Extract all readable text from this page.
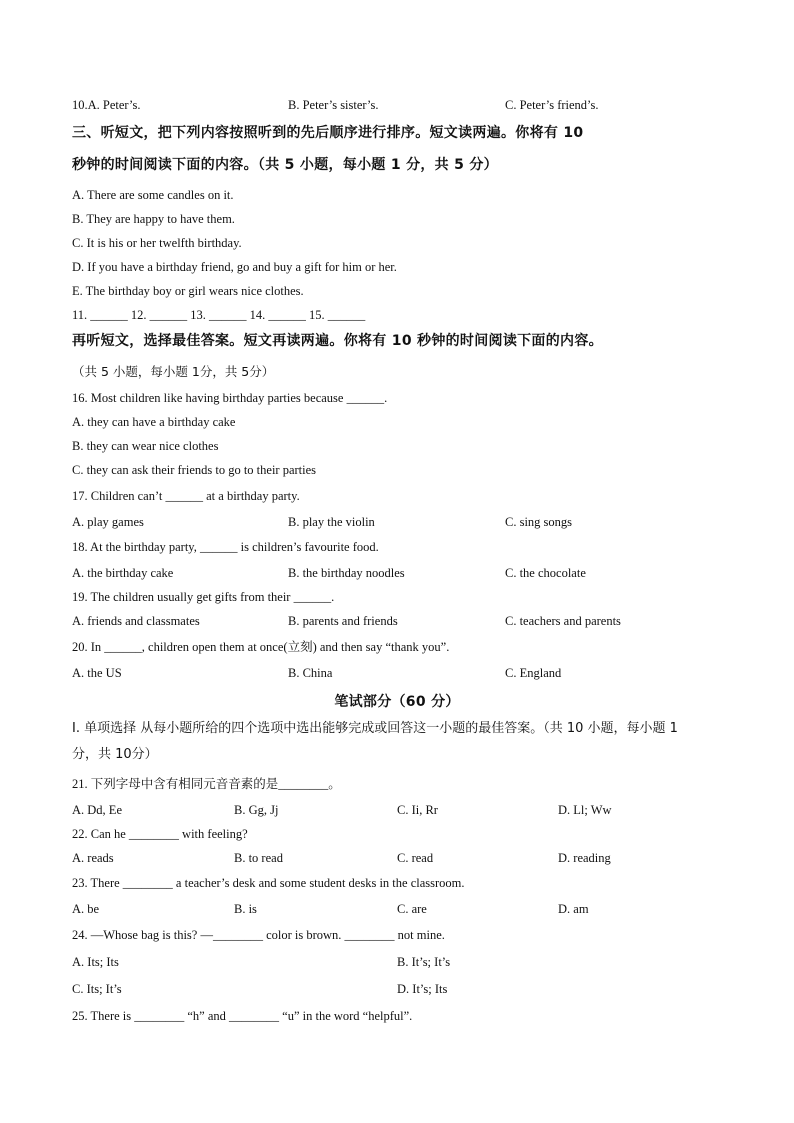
10.A. Peter’s.	B. Peter’s sister’s.	C. Peter’s friend’s.
三、听短文，把下列内容按照听到的先后顺序进行排序。短文读两遍。你将有 10
秒钟的时间阅读下面的内容。（共 5 小题，每小题 1 分，共 5 分）
A. There are some candles on it.
B. They are happy to have them.
C. It is his or her twelfth birthday.
D. If you have a birthday friend, go and buy a gift for him or her.
E. The birthday boy or girl wears nice clothes.
11. ______ 12. ______ 13. ______ 14. ______ 15. ______
再听短文，选择最佳答案。短文再读两遍。你将有 10 秒钟的时间阅读下面的内容。
（共 5 小题，每小题 1分，共 5分）
16. Most children like having birthday parties because ______.
A. they can have a birthday cake
B. they can wear nice clothes
C. they can ask their friends to go to their parties
17. Children can’t ______ at a birthday party.
A. play games	B. play the violin	C. sing songs
18. At the birthday party, ______ is children’s favourite food.
A. the birthday cake	B. the birthday noodles	C. the chocolate
19. The children usually get gifts from their ______.
A. friends and classmates	B. parents and friends	C. teachers and parents
20. In ______, children open them at once(立刻) and then say “thank you”.
A. the US	B. China	C. England
笔试部分（60 分）
I. 单项选择 从每小题所给的四个选项中选出能够完成或回答这一小题的最佳答案。（共 10 小题，每小题 1
分，共 10分）
21. 下列字母中含有相同元音音素的是________。
A. Dd, Ee	B. Gg, Jj	C. Ii, Rr	D. Ll; Ww
22. Can he ________ with feeling?
A. reads	B. to read	C. read	D. reading
23. There ________ a teacher’s desk and some student desks in the classroom.
A. be	B. is	C. are	D. am
24. —Whose bag is this? —________ color is brown. ________ not mine.
A. Its; Its	B. It’s; It’s
C. Its; It’s	D. It’s; Its
25. There is ________ “h” and ________ “u” in the word “helpful”.
